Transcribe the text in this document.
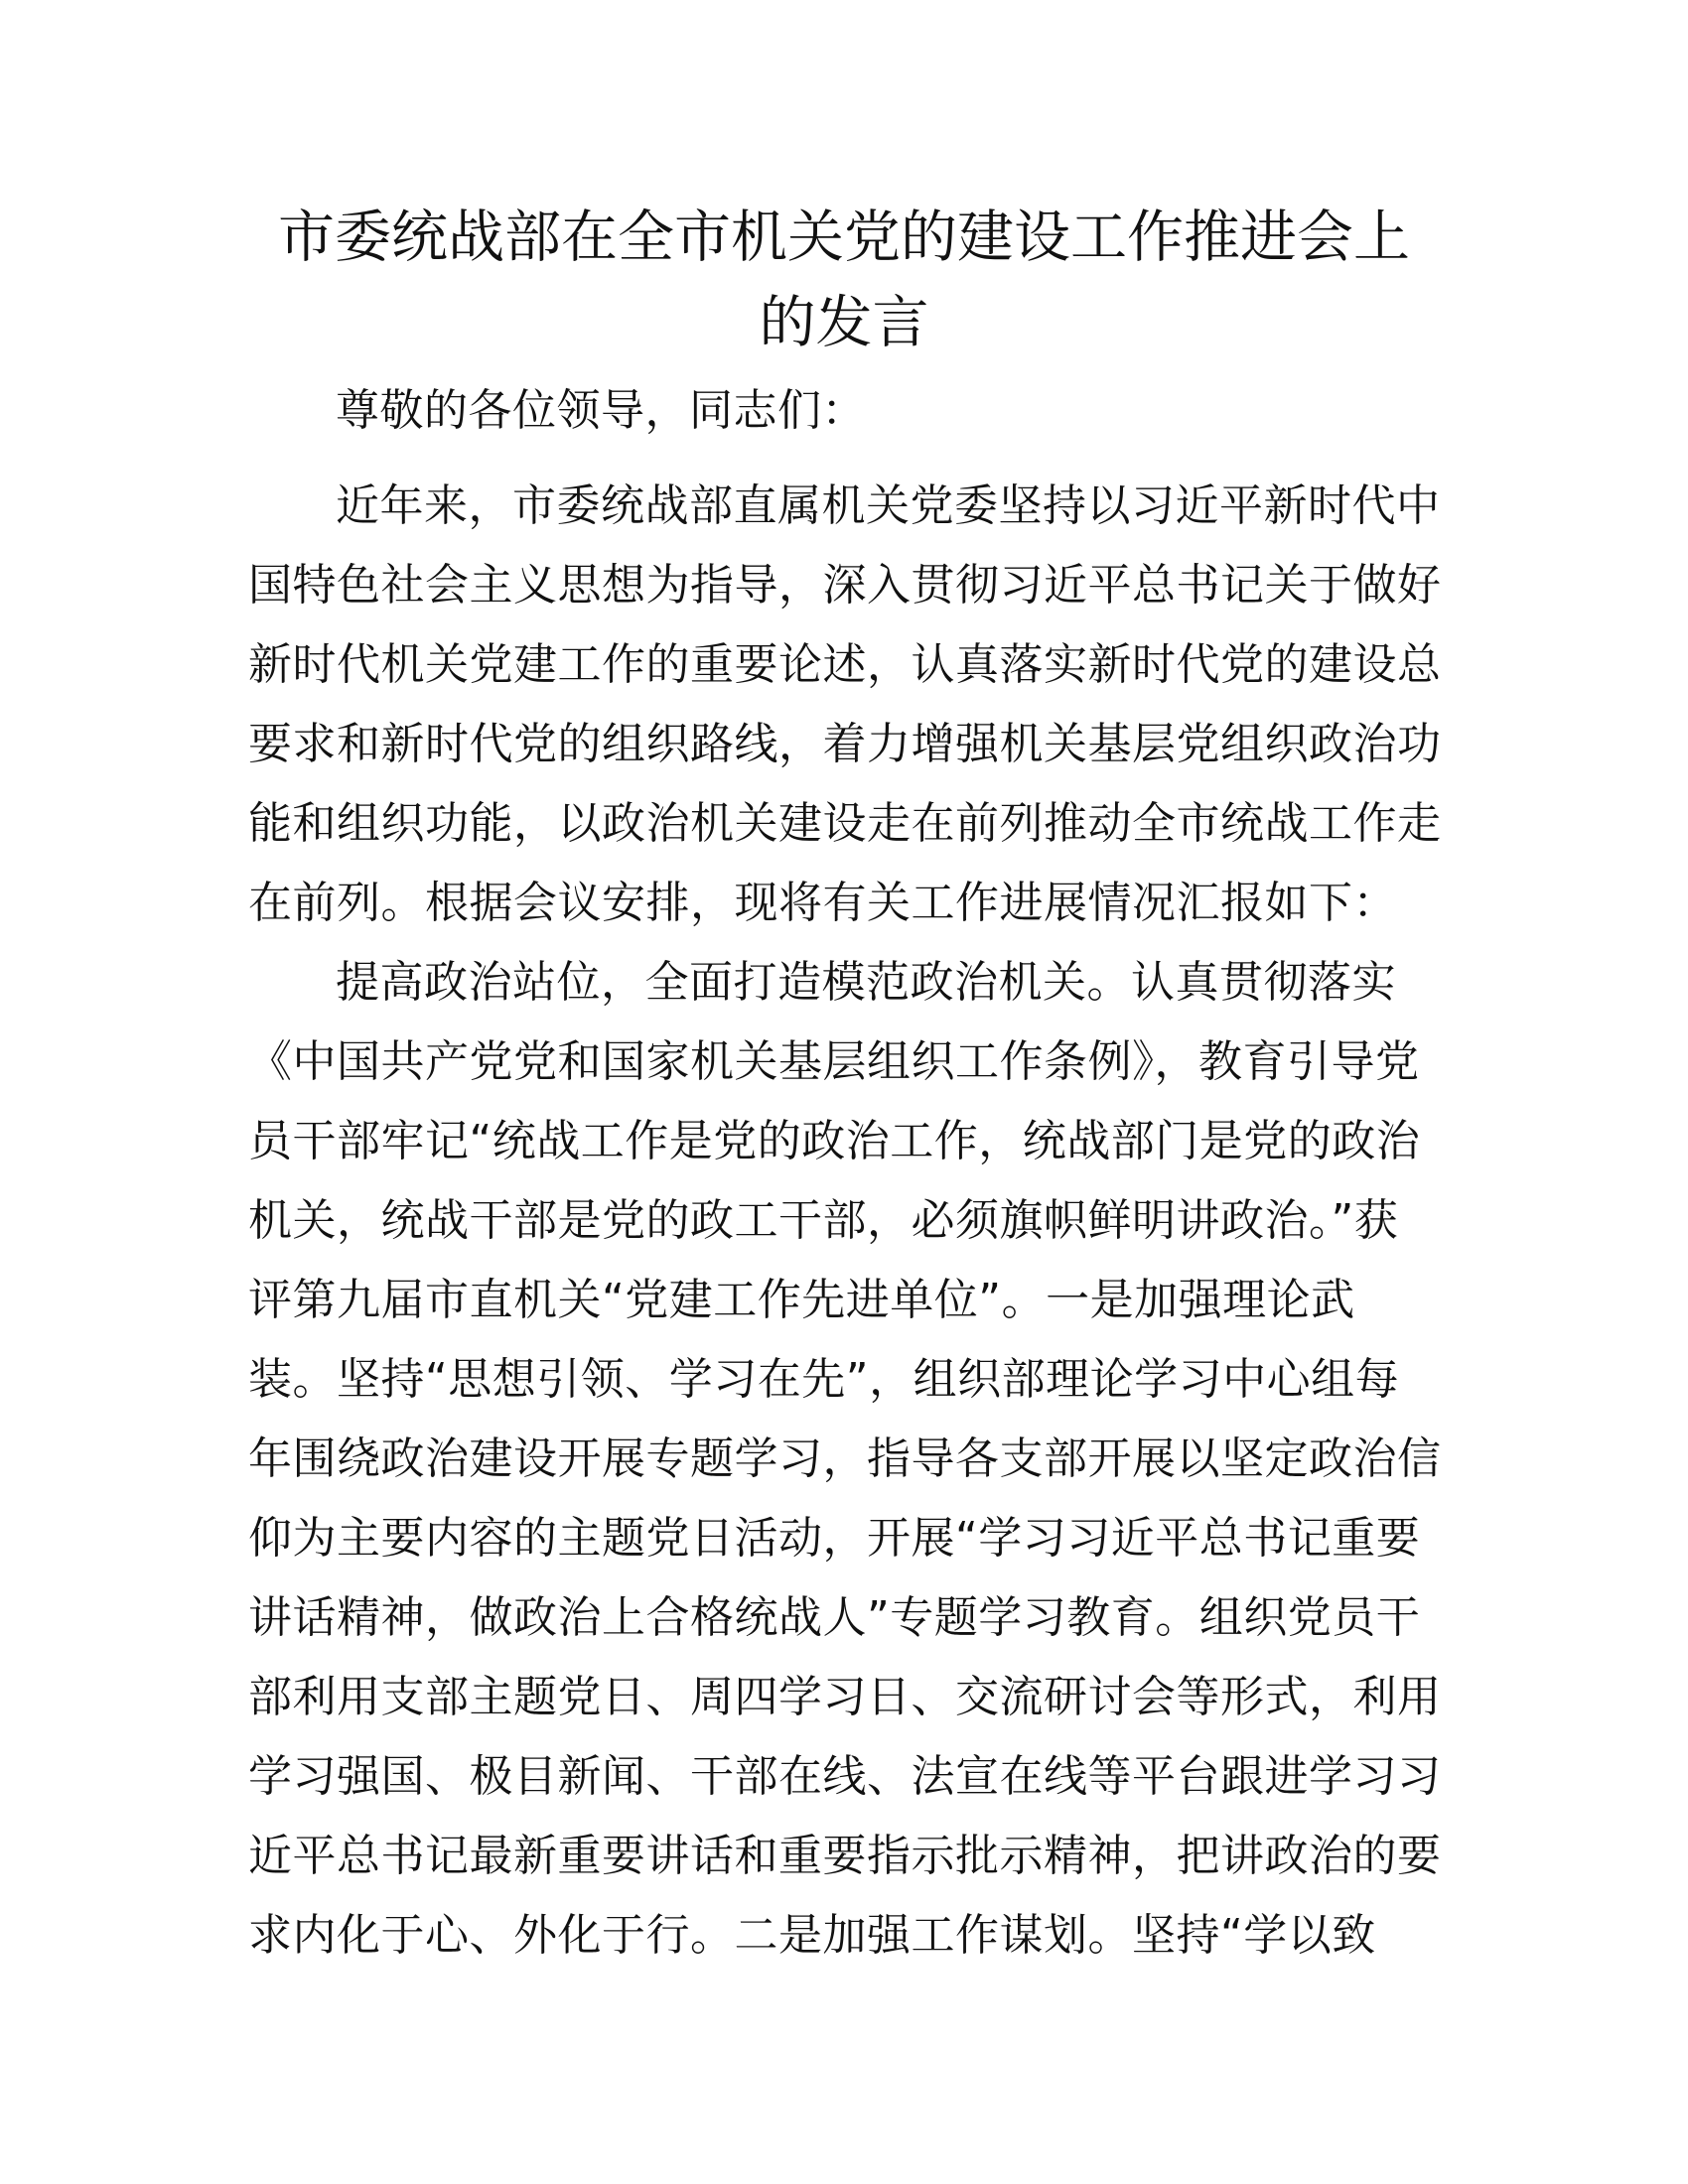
市委统战部在全市机关党的建设工作推进会上
的发言
尊敬的各位领导，同志们：
近年来，市委统战部直属机关党委坚持以习近平新时代中
国特色社会主义思想为指导，深入贯彻习近平总书记关于做好
新时代机关党建工作的重要论述，认真落实新时代党的建设总
要求和新时代党的组织路线，着力增强机关基层党组织政治功
能和组织功能，以政治机关建设走在前列推动全市统战工作走
在前列。根据会议安排，现将有关工作进展情况汇报如下：
提高政治站位，全面打造模范政治机关。认真贯彻落实
《中国共产党党和国家机关基层组织工作条例》，教育引导党
员干部牢记“统战工作是党的政治工作，统战部门是党的政治
机关，统战干部是党的政工干部，必须旗帜鲜明讲政治。”获
评第九届市直机关“党建工作先进单位”。一是加强理论武
装。坚持“思想引领、学习在先”，组织部理论学习中心组每
年围绕政治建设开展专题学习，指导各支部开展以坚定政治信
仰为主要内容的主题党日活动，开展“学习习近平总书记重要
讲话精神，做政治上合格统战人”专题学习教育。组织党员干
部利用支部主题党日、周四学习日、交流研讨会等形式，利用
学习强国、极目新闻、干部在线、法宣在线等平台跟进学习习
近平总书记最新重要讲话和重要指示批示精神，把讲政治的要
求内化于心、外化于行。二是加强工作谋划。坚持“学以致
